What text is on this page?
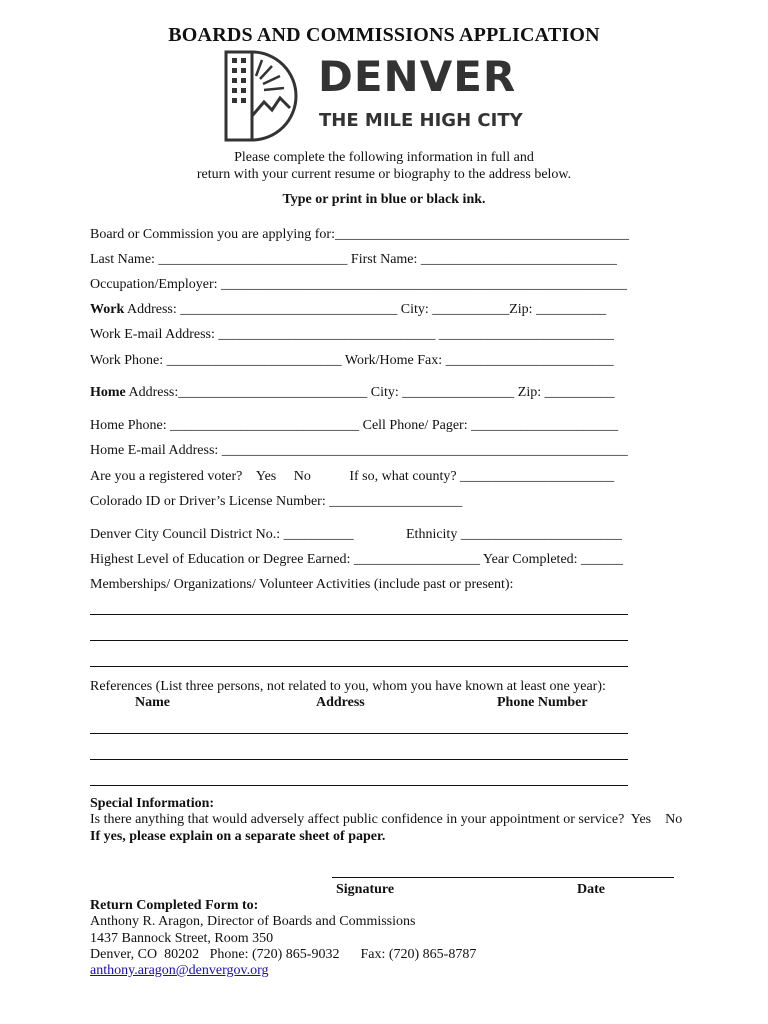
BOARDS AND COMMISSIONS APPLICATION
DENVER
THE MILE HIGH CITY
Please complete the following information in full and
return with your current resume or biography to the address below.
Type or print in blue or black ink.
Board or Commission you are applying for:__________________________________________
Last Name: ___________________________ First Name: ____________________________
Occupation/Employer: __________________________________________________________
Work Address: _______________________________ City: ___________Zip: __________
Work E-mail Address: _______________________________ _________________________
Work Phone: _________________________ Work/Home Fax: ________________________
Home Address:___________________________ City: ________________ Zip: __________
Home Phone: ___________________________ Cell Phone/ Pager: _____________________
Home E-mail Address: __________________________________________________________
Are you a registered voter?    Yes     No           If so, what county? ______________________
Colorado ID or Driver’s License Number: ___________________
Denver City Council District No.: __________	Ethnicity _______________________
Highest Level of Education or Degree Earned: __________________ Year Completed: ______
Memberships/ Organizations/ Volunteer Activities (include past or present):
References (List three persons, not related to you, whom you have known at least one year):
Name	Address	Phone Number
Special Information:
Is there anything that would adversely affect public confidence in your appointment or service?  Yes    No
If yes, please explain on a separate sheet of paper.
Signature	Date
Return Completed Form to:
Anthony R. Aragon, Director of Boards and Commissions
1437 Bannock Street, Room 350
Denver, CO  80202   Phone: (720) 865-9032      Fax: (720) 865-8787
anthony.aragon@denvergov.org
